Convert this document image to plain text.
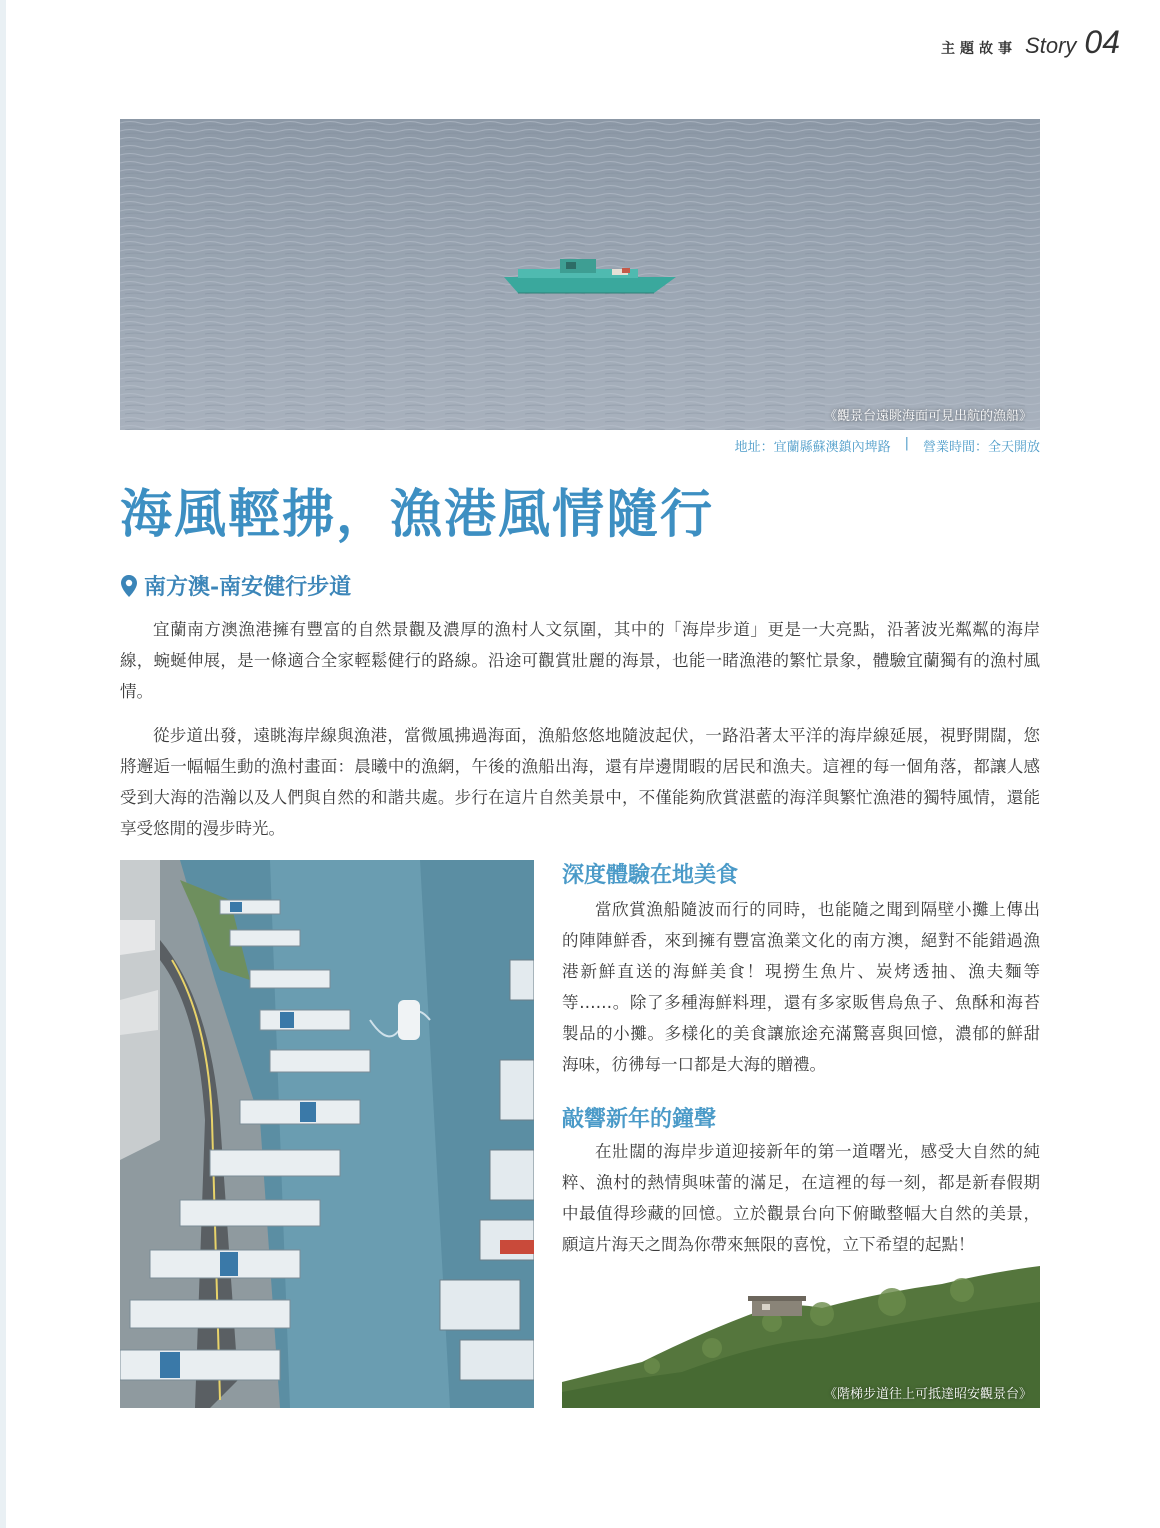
主題故事 Story 04
《觀景台遠眺海面可見出航的漁船》
地址：宜蘭縣蘇澳鎮內埤路 | 營業時間：全天開放
海風輕拂，漁港風情隨行
南方澳-南安健行步道

宜蘭南方澳漁港擁有豐富的自然景觀及濃厚的漁村人文氛圍，其中的「海岸步道」更是一大亮點，沿著波光粼粼的海岸線，蜿蜒伸展，是一條適合全家輕鬆健行的路線。沿途可觀賞壯麗的海景，也能一睹漁港的繁忙景象，體驗宜蘭獨有的漁村風情。

從步道出發，遠眺海岸線與漁港，當微風拂過海面，漁船悠悠地隨波起伏，一路沿著太平洋的海岸線延展，視野開闊，您將邂逅一幅幅生動的漁村畫面：晨曦中的漁網，午後的漁船出海，還有岸邊閒暇的居民和漁夫。這裡的每一個角落，都讓人感受到大海的浩瀚以及人們與自然的和諧共處。步行在這片自然美景中，不僅能夠欣賞湛藍的海洋與繁忙漁港的獨特風情，還能享受悠閒的漫步時光。

深度體驗在地美食

當欣賞漁船隨波而行的同時，也能隨之聞到隔壁小攤上傳出的陣陣鮮香，來到擁有豐富漁業文化的南方澳，絕對不能錯過漁港新鮮直送的海鮮美食！現撈生魚片、炭烤透抽、漁夫麵等等……。除了多種海鮮料理，還有多家販售烏魚子、魚酥和海苔製品的小攤。多樣化的美食讓旅途充滿驚喜與回憶，濃郁的鮮甜海味，彷彿每一口都是大海的贈禮。

敲響新年的鐘聲

在壯闊的海岸步道迎接新年的第一道曙光，感受大自然的純粹、漁村的熱情與味蕾的滿足，在這裡的每一刻，都是新春假期中最值得珍藏的回憶。立於觀景台向下俯瞰整幅大自然的美景，願這片海天之間為你帶來無限的喜悅，立下希望的起點！

《階梯步道往上可抵達昭安觀景台》
